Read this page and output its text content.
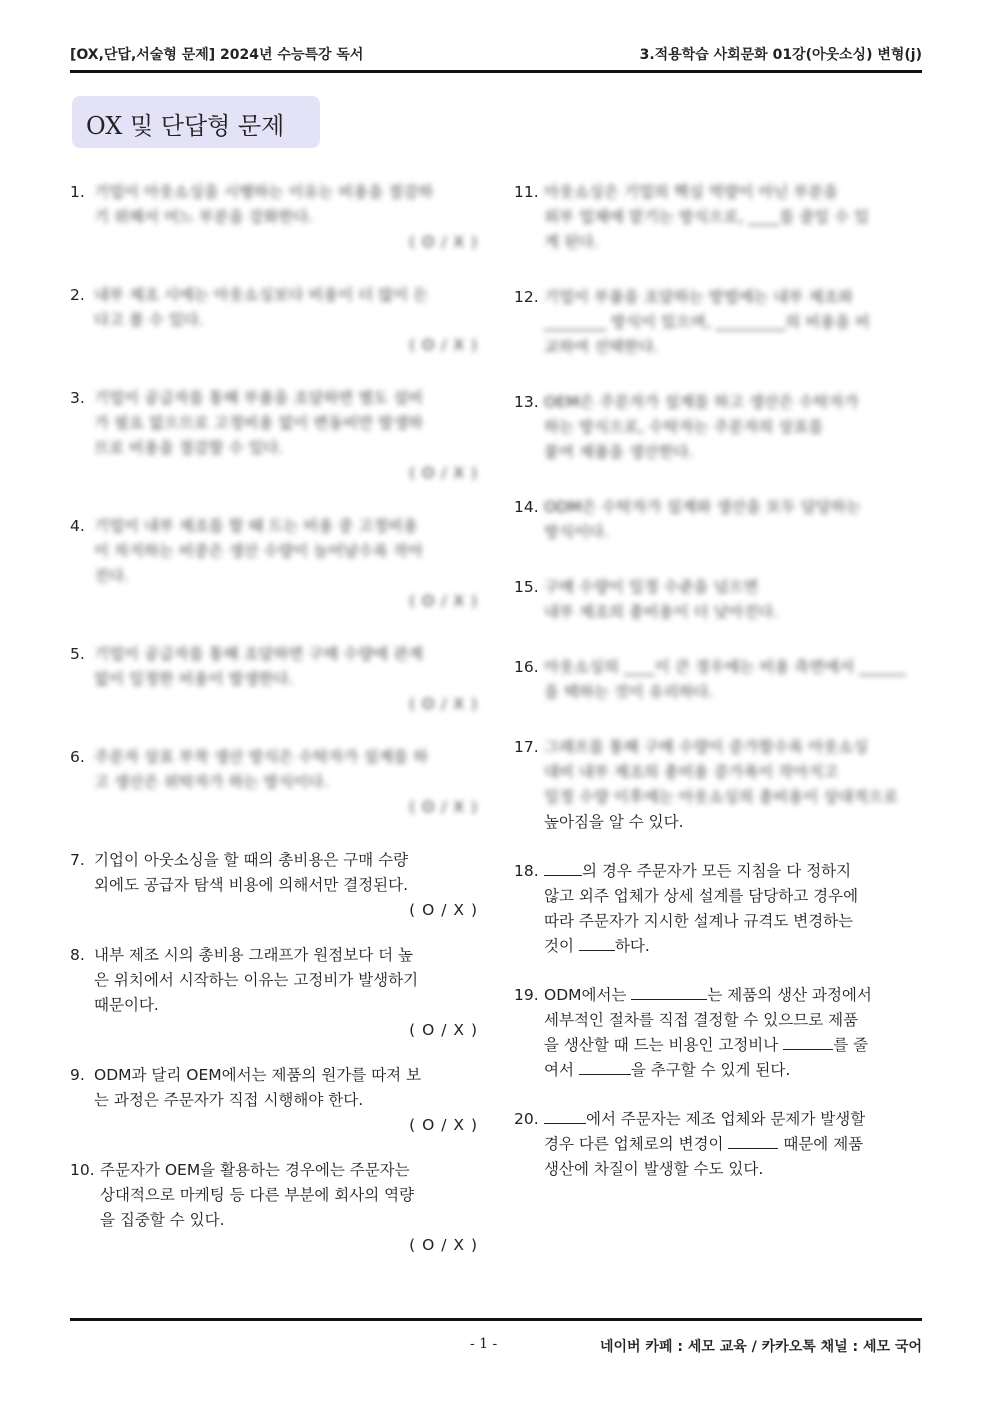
[OX,단답,서술형 문제] 2024년 수능특강 독서	3.적용학습 사회문화 01강(아웃소싱) 변형(j)
OX 및 단답형 문제
1. 기업이 아웃소싱을 시행하는 이유는 비용을 절감하
기 위해서 어느 부분을 강화한다.
( O / X )
2. 내부 제조 시에는 아웃소싱보다 비용이 더 많이 든
다고 볼 수 있다.
( O / X )
3. 기업이 공급자를 통해 부품을 조달하면 별도 설비
가 필요 없으므로 고정비용 없이 변동비만 발생하
므로 비용을 절감할 수 있다.
( O / X )
4. 기업이 내부 제조를 할 때 드는 비용 중 고정비용
이 차지하는 비중은 생산 수량이 늘어날수록 작아
진다.
( O / X )
5. 기업이 공급자를 통해 조달하면 구매 수량에 관계
없이 일정한 비용이 발생한다.
( O / X )
6. 주문자 상표 부착 생산 방식은 수탁자가 설계를 하
고 생산은 위탁자가 하는 방식이다.
( O / X )
7. 기업이 아웃소싱을 할 때의 총비용은 구매 수량
외에도 공급자 탐색 비용에 의해서만 결정된다.
( O / X )
8. 내부 제조 시의 총비용 그래프가 원점보다 더 높
은 위치에서 시작하는 이유는 고정비가 발생하기
때문이다.
( O / X )
9. ODM과 달리 OEM에서는 제품의 원가를 따져 보
는 과정은 주문자가 직접 시행해야 한다.
( O / X )
10. 주문자가 OEM을 활용하는 경우에는 주문자는
상대적으로 마케팅 등 다른 부분에 회사의 역량
을 집중할 수 있다.
( O / X )
11. 아웃소싱은 기업의 핵심 역량이 아닌 부분을
외부 업체에 맡기는 방식으로, ____를 줄일 수 있
게 된다.
12. 기업이 부품을 조달하는 방법에는 내부 제조와
________ 방식이 있으며, _________의 비용을 비
교하여 선택한다.
13. OEM은 주문자가 설계를 하고 생산은 수탁자가
하는 방식으로, 수탁자는 주문자의 상표를
붙여 제품을 생산한다.
14. ODM은 수탁자가 설계와 생산을 모두 담당하는
방식이다.
15. 구매 수량이 일정 수준을 넘으면
내부 제조의 총비용이 더 낮아진다.
16. 아웃소싱의 ____이 큰 경우에는 비용 측면에서 ______
을 택하는 것이 유리하다.
17. 그래프를 통해 구매 수량이 증가할수록 아웃소싱
대비 내부 제조의 총비용 증가폭이 작아지고
일정 수량 이후에는 아웃소싱의 총비용이 상대적으로
높아짐을 알 수 있다.
18.	의 경우 주문자가 모든 지침을 다 정하지
않고 외주 업체가 상세 설계를 담당하고 경우에
따라 주문자가 지시한 설계나 규격도 변경하는
것이 하다.
19. ODM에서는	는 제품의 생산 과정에서
세부적인 절차를 직접 결정할 수 있으므로 제품
을 생산할 때 드는 비용인 고정비나	를 줄
여서	을 추구할 수 있게 된다.
20.	에서 주문자는 제조 업체와 문제가 발생할
경우 다른 업체로의 변경이	때문에 제품
생산에 차질이 발생할 수도 있다.
- 1 -	네이버 카페 : 세모 교육 / 카카오톡 채널 : 세모 국어
